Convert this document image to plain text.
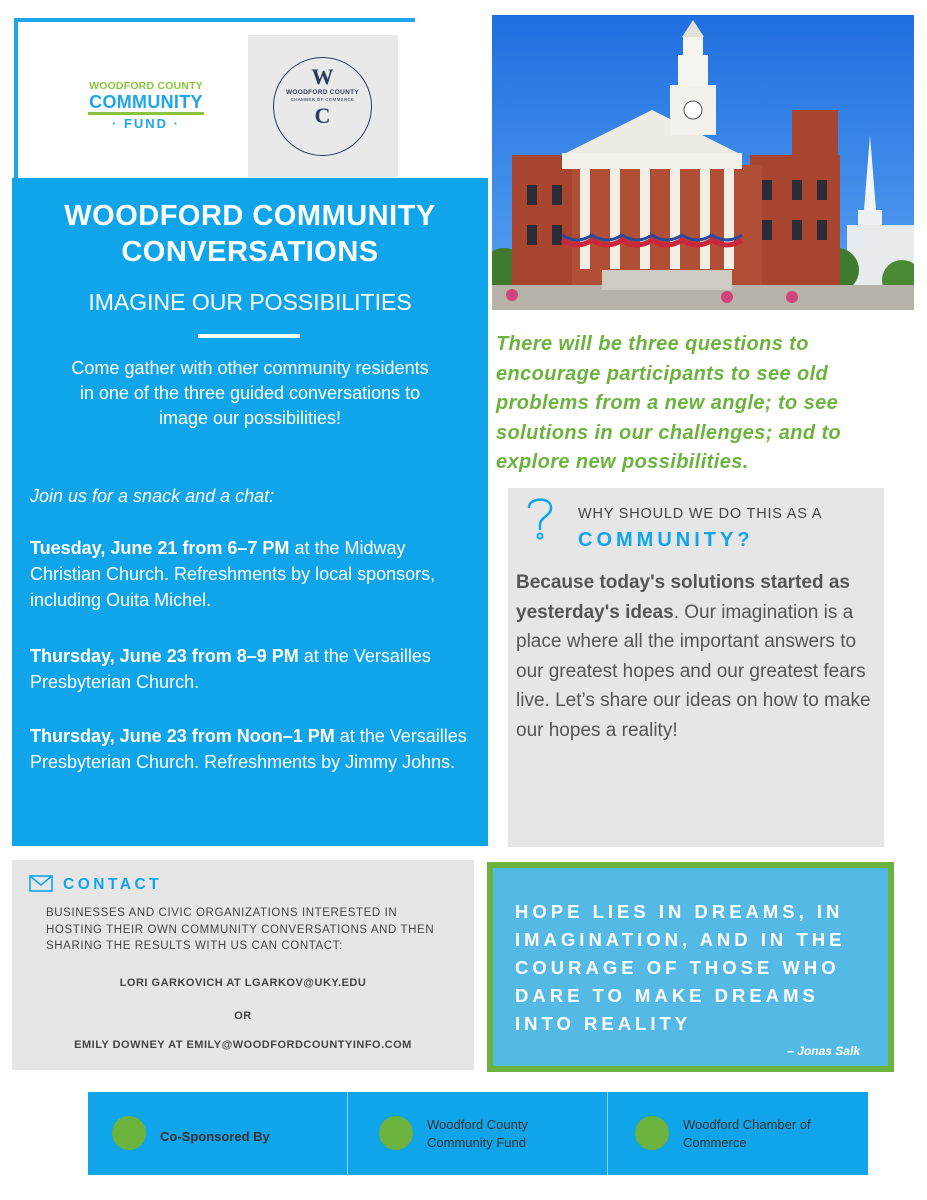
WOODFORD COUNTY
COMMUNITY
· FUND ·
W
WOODFORD COUNTY
CHAMBER OF COMMERCE
C
WOODFORD COMMUNITY
CONVERSATIONS
IMAGINE OUR POSSIBILITIES
Come gather with other community residents in one of the three guided conversations to image our possibilities!
Join us for a snack and a chat:
Tuesday, June 21 from 6–7 PM at the Midway Christian Church. Refreshments by local sponsors, including Ouita Michel.
Thursday, June 23 from 8–9 PM at the Versailles Presbyterian Church.
Thursday, June 23 from Noon–1 PM at the Versailles Presbyterian Church. Refreshments by Jimmy Johns.
There will be three questions to encourage participants to see old problems from a new angle; to see solutions in our challenges; and to explore new possibilities.
WHY SHOULD WE DO THIS AS A
COMMUNITY?
Because today's solutions started as yesterday's ideas. Our imagination is a place where all the important answers to our greatest hopes and our greatest fears live. Let’s share our ideas on how to make our hopes a reality!
CONTACT
BUSINESSES AND CIVIC ORGANIZATIONS INTERESTED IN HOSTING THEIR OWN COMMUNITY CONVERSATIONS AND THEN SHARING THE RESULTS WITH US CAN CONTACT:
LORI GARKOVICH AT LGARKOV@UKY.EDU
OR
EMILY DOWNEY AT EMILY@WOODFORDCOUNTYINFO.COM
HOPE LIES IN DREAMS, IN IMAGINATION, AND IN THE COURAGE OF THOSE WHO DARE TO MAKE DREAMS INTO REALITY
– Jonas Salk
Co-Sponsored By
Woodford County
Community Fund
Woodford Chamber of
Commerce
